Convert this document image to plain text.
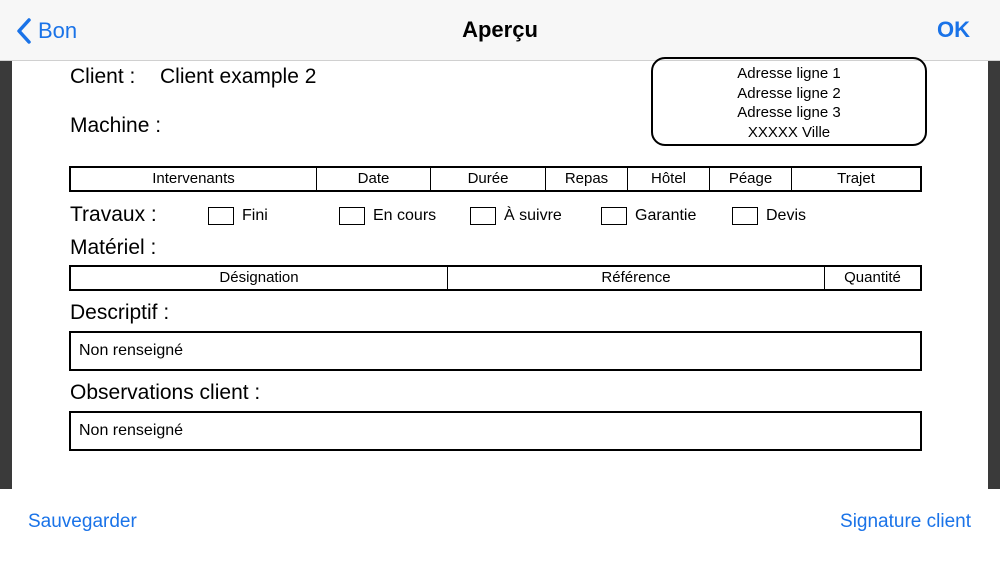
Bon	Aperçu	OK
Client : Client example 2
Machine :
Adresse ligne 1
Adresse ligne 2
Adresse ligne 3
XXXXX Ville
Intervenants	Date	Durée	Repas	Hôtel	Péage	Trajet
Travaux :	Fini	En cours	À suivre	Garantie	Devis
Matériel :
Désignation	Référence	Quantité
Descriptif :
Non renseigné
Observations client :
Non renseigné
Sauvegarder	Signature client
